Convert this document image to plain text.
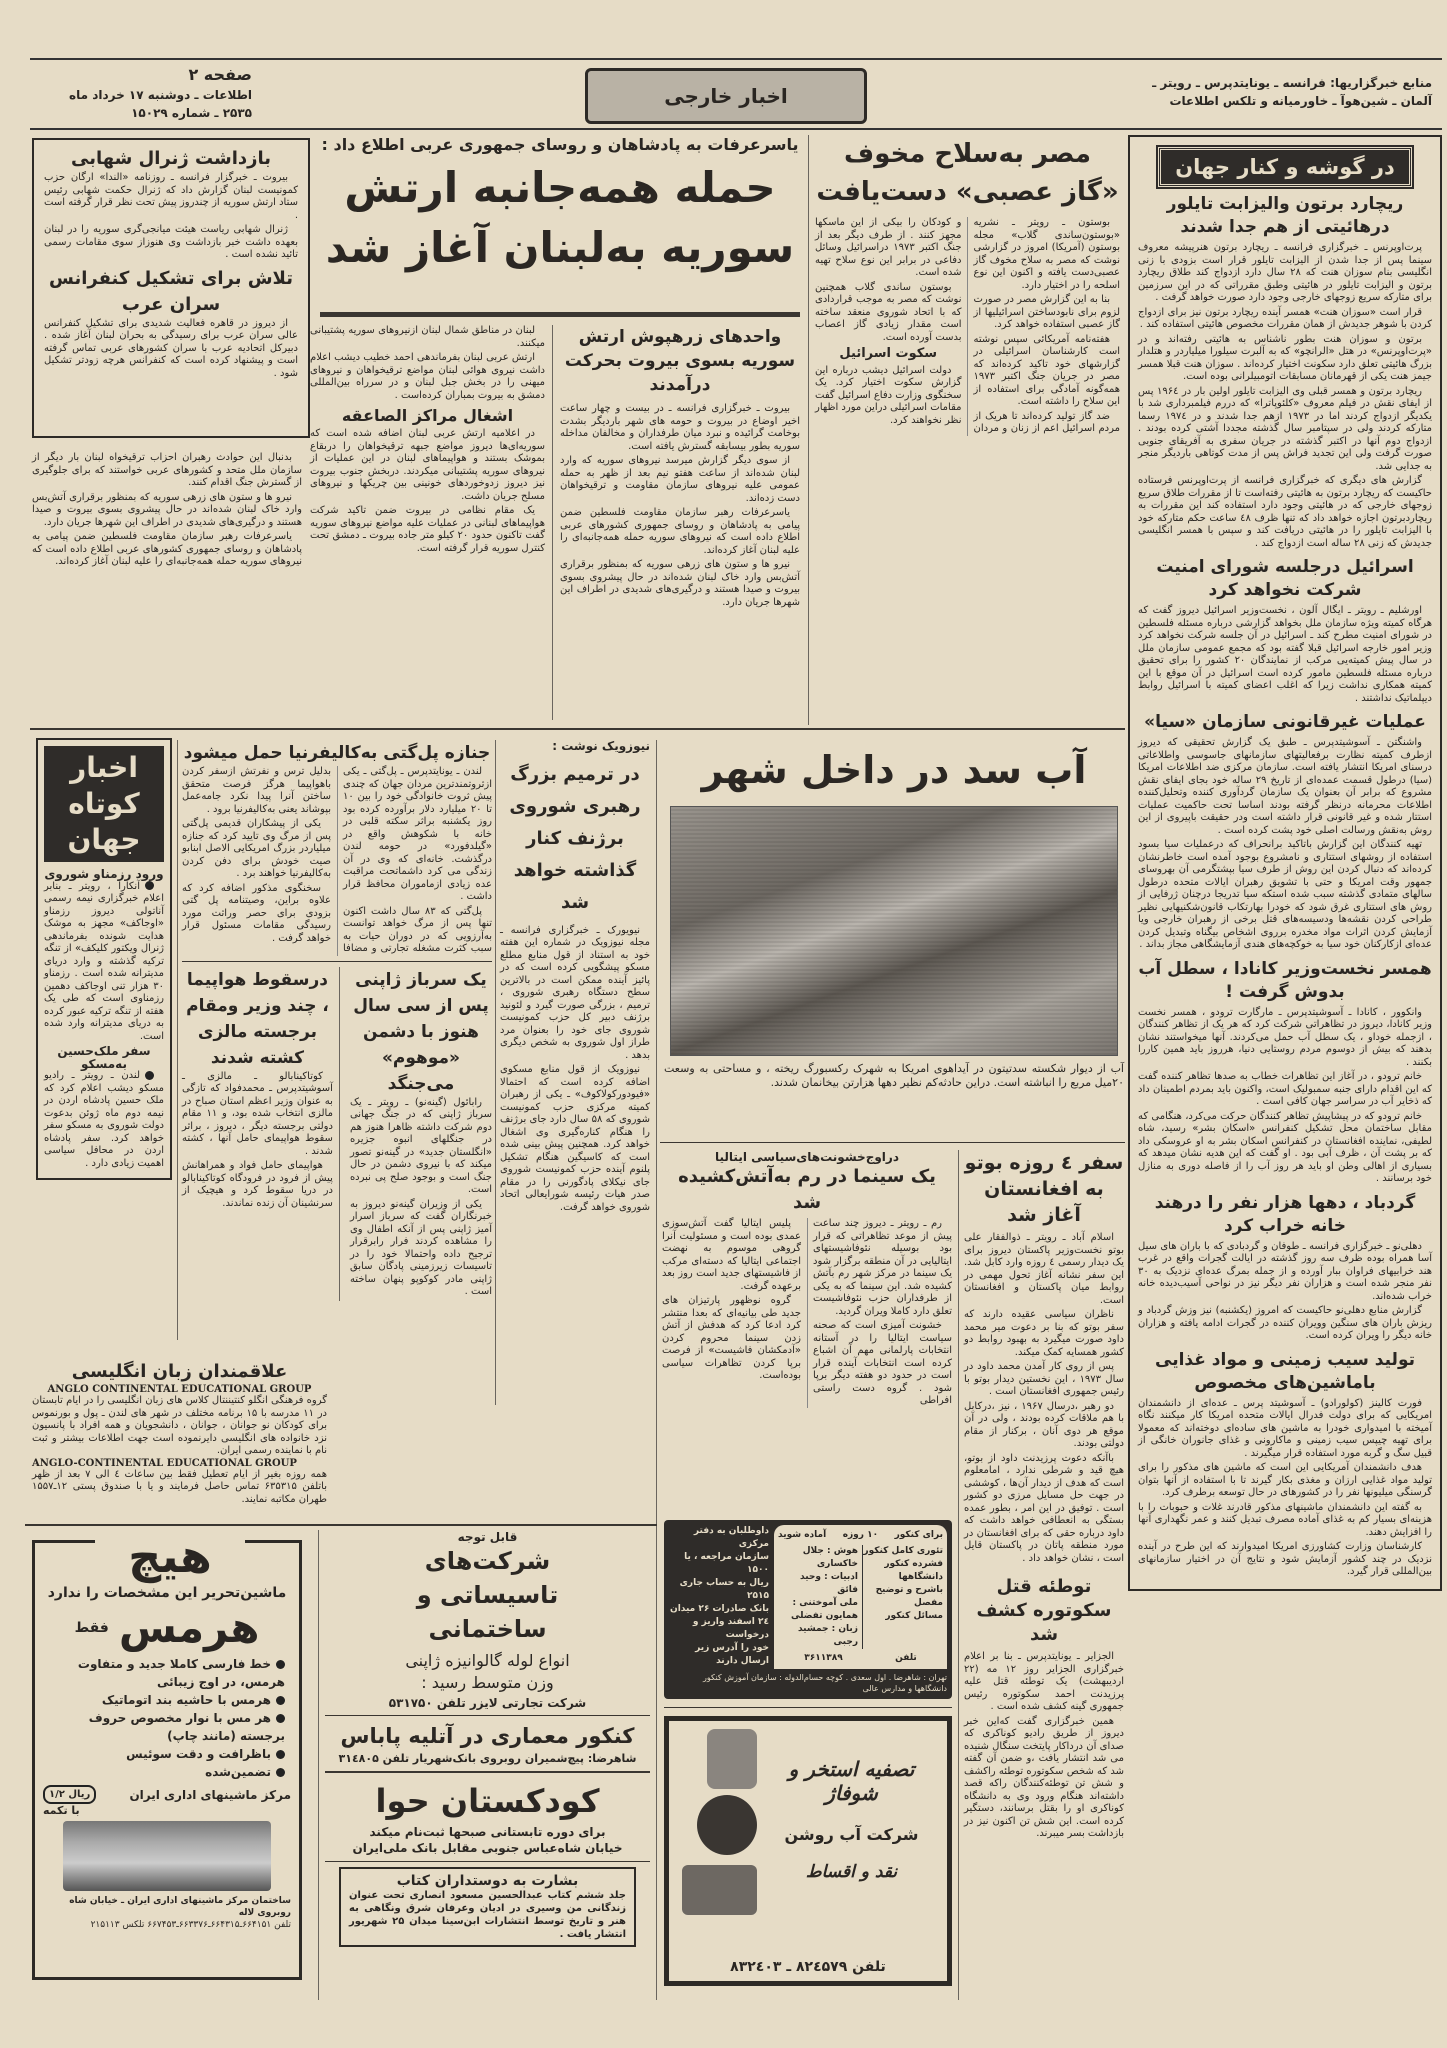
منابع خبرگزاریها: فرانسه ـ یونایتدپرس ـ رویتر ـ
آلمان ـ شین‌هوآ ـ خاورمیانه و تلکس اطلاعات
اخبار خارجی
صفحه ۲
اطلاعات ـ دوشنبه ۱۷ خرداد ماه
۲۵۳۵ ـ شماره ۱۵۰۲۹
بازداشت ژنرال شهابی

بیروت ـ خبرگزار فرانسه ـ روزنامه «الندا» ارگان حزب کمونیست لبنان گزارش داد که ژنرال حکمت شهابی رئیس ستاد ارتش سوریه از چندروز پیش تحت نظر قرار گرفته است .

ژنرال شهابی ریاست هیئت میانجی‌گری سوریه را در لبنان بعهده داشت خبر بازداشت وی هنوزاز سوی مقامات رسمی تائید نشده است .

تلاش برای تشکیل کنفرانس سران عرب

از دیروز در قاهره فعالیت شدیدی برای تشکیل کنفرانس عالی سران عرب برای رسیدگی به بحران لبنان آغاز شده . دبیرکل اتحادیه عرب با سران کشورهای عربی تماس گرفته است و پیشنهاد کرده است که کنفرانس هرچه زودتر تشکیل شود .

یاسرعرفات به پادشاهان و روسای جمهوری عربی اطلاع داد :
حمله همه‌جانبه ارتش
سوریه به‌لبنان آغاز شد
واحدهای زرهپوش ارتش سوریه بسوی بیروت بحرکت درآمدند

بیروت ـ خبرگزاری فرانسه ـ در بیست و چهار ساعت اخیر اوضاع در بیروت و حومه های شهر باردیگر بشدت بوخامت گرائیده و نبرد میان طرفداران و مخالفان مداخله سوریه بطور بیسابقه گسترش یافته است.

از سوی دیگر گزارش میرسد نیروهای سوریه که وارد لبنان شده‌اند از ساعت هفتو نیم بعد از ظهر به حمله عمومی علیه نیروهای سازمان مقاومت و ترقیخواهان دست زده‌اند.

یاسرعرفات رهبر سازمان مقاومت فلسطین ضمن پیامی به پادشاهان و روسای جمهوری کشورهای عربی اطلاع داده است که نیروهای سوریه حمله همه‌جانبه‌ای را علیه لبنان آغاز کرده‌اند.

نیرو ها و ستون های زرهی سوریه که بمنظور برقراری آتش‌بس وارد خاک لبنان شده‌اند در حال پیشروی بسوی بیروت و صیدا هستند و درگیری‌های شدیدی در اطراف این شهرها جریان دارد.

لبنان در مناطق شمال لبنان ازنیروهای سوریه پشتیبانی میکنند.

ارتش عربی لبنان بفرماندهی احمد خطیب دیشب اعلام داشت نیروی هوائی لبنان مواضع ترقیخواهان و نیروهای میهنی را در بخش جبل لبنان و در سرراه بین‌المللی دمشق به بیروت بمباران کرده‌است .

اشغال مراکز الصاعقه

در اعلامیه ارتش عربی لبنان اضافه شده است که سوریه‌ای‌ها دیروز مواضع جبهه ترقیخواهان را دربقاع بموشک بستند و هواپیماهای لبنان در این عملیات از نیروهای سوریه پشتیبانی میکردند. دربخش جنوب بیروت نیز دیروز زدوخوردهای خونینی بین چریکها و نیروهای مسلح جریان داشت.

یک مقام نظامی در بیروت ضمن تاکید شرکت هواپیماهای لبنانی در عملیات علیه مواضع نیروهای سوریه گفت تاکنون حدود ۲۰ کیلو متر جاده بیروت ـ دمشق تحت کنترل سوریه قرار گرفته است.

بدنبال این حوادث رهبران احزاب ترقیخواه لبنان بار دیگر از سازمان ملل متحد و کشورهای عربی خواستند که برای جلوگیری از گسترش جنگ اقدام کنند.

نیرو ها و ستون های زرهی سوریه که بمنظور برقراری آتش‌بس وارد خاک لبنان شده‌اند در حال پیشروی بسوی بیروت و صیدا هستند و درگیری‌های شدیدی در اطراف این شهرها جریان دارد.

یاسرعرفات رهبر سازمان مقاومت فلسطین ضمن پیامی به پادشاهان و روسای جمهوری کشورهای عربی اطلاع داده است که نیروهای سوریه حمله همه‌جانبه‌ای را علیه لبنان آغاز کرده‌اند.

مصر به‌سلاح مخوف
«گاز عصبی» دست‌یافت

بوستون ـ رویتر ـ نشریه «بوستون‌ساندی گلاب» مجله بوستون (آمریکا) امروز در گزارشی نوشت که مصر به سلاح مخوف گاز عصبی‌دست یافته و اکنون این نوع اسلحه را در اختیار دارد.

بنا به این گزارش مصر در صورت لزوم برای نابودساختن اسرائیلیها از گاز عصبی استفاده خواهد کرد.

هفته‌نامه آمریکائی سپس نوشته است کارشناسان اسرائیلی در گزارشهای خود تاکید کرده‌اند که مصر در جریان جنگ اکتبر ۱۹۷۳ همه‌گونه آمادگی برای استفاده از این سلاح را داشته است.

ضد گاز تولید کرده‌اند تا هریک از مردم اسرائیل اعم از زنان و مردان و کودکان را بیکی از این ماسکها مجهز کنند . از طرف دیگر بعد از جنگ اکتبر ۱۹۷۳ دراسرائیل وسائل دفاعی در برابر این نوع سلاح تهیه شده است.

بوستون ساندی گلاب همچنین نوشت که مصر به موجب قراردادی که با اتحاد شوروی منعقد ساخته است مقدار زیادی گاز اعصاب بدست آورده است.

سکوت اسرائیل

دولت اسرائیل دیشب درباره این گزارش سکوت اختیار کرد. یک سخنگوی وزارت دفاع اسرائیل گفت مقامات اسرائیلی دراین مورد اظهار نظر نخواهند کرد.

در گوشه و کنار جهان
ریچارد برتون والیزابت تایلور درهائیتی از هم جدا شدند

پرت‌اوپرنس ـ خبرگزاری فرانسه ـ ریچارد برتون هنرپیشه معروف سینما پس از جدا شدن از الیزابت تایلور قرار است بزودی با زنی انگلیسی بنام سوزان هنت که ۲۸ سال دارد ازدواج کند طلاق ریچارد برتون و الیزابت تایلور در هائیتی وطبق مقرراتی که در این سرزمین برای متارکه سریع زوجهای خارجی وجود دارد صورت خواهد گرفت .

قرار است «سوزان هنت» همسر آینده ریچارد برتون نیز برای ازدواج کردن با شوهر جدیدش از همان مقررات مخصوص هائیتی استفاده کند .

برتون و سوزان هنت بطور ناشناس به هائیتی رفته‌اند و در «پرت‌اوپرنس» در هتل «الرانچو» که به آلبرت سیلورا میلیاردر و هتلدار بزرگ هائیتی تعلق دارد سکونت اختیار کرده‌اند . سوزان هنت قبلا همسر جیمز هنت یکی از قهرمانان مسابقات اتومبیلرانی بوده است.

ریچارد برتون و همسر قبلی وی الیزابت تایلور اولین بار در ۱۹۶٤ پس از ایفای نقش در فیلم معروف «کلئوپاترا» که دررم فیلمبرداری شد با یکدیگر ازدواج کردند اما در ۱۹۷۳ ازهم جدا شدند و در ۱۹۷٤ رسما متارکه کردند ولی در سپتامبر سال گذشته مجددا آشتی کرده بودند . ازدواج دوم آنها در اکتبر گذشته در جریان سفری به آفریقای جنوبی صورت گرفت ولی این تجدید فراش پس از مدت کوتاهی باردیگر منجر به جدایی شد.

گزارش های دیگری که خبرگزاری فرانسه از پرت‌اوپرنس فرستاده حاکیست که ریچارد برتون به هائیتی رفته‌است تا از مقررات طلاق سریع زوجهای خارجی که در هائیتی وجود دارد استفاده کند این مقررات به ریچاردبرتون اجازه خواهد داد که تنها ظرف ٤٨ ساعت حکم متارکه خود با الیزابت تایلور را در هائیتی دریافت کند و سپس با همسر انگلیسی جدیدش که زنی ۲۸ ساله است ازدواج کند .

اسرائیل درجلسه شورای امنیت شرکت نخواهد کرد

اورشلیم ـ رویتر ـ ایگال آلون ، نخست‌وزیر اسرائیل دیروز گفت که هرگاه کمیته ویژه سازمان ملل بخواهد گزارشی درباره مسئله فلسطین در شورای امنیت مطرح کند ـ اسرائیل در آن جلسه شرکت نخواهد کرد وزیر امور خارجه اسرائیل قبلا گفته بود که مجمع عمومی سازمان ملل در سال پیش کمیته‌یی مرکب از نمایندگان ۲۰ کشور را برای تحقیق درباره مسئله فلسطین مامور کرده است اسرائیل در آن موقع با این کمیته همکاری نداشت زیرا که اغلب اعضای کمیته با اسرائیل روابط دیپلماتیک نداشتند .

عملیات غیرقانونی سازمان «سیا»

واشنگتن ـ آسوشیتدپرس ـ طبق یک گزارش تحقیقی که دیروز ازطرف کمیته نظارت برفعالیتهای سازمانهای جاسوسی واطلاعاتی درسنای امریکا انتشار یافته است. سازمان مرکزی ضد اطلاعات امریکا (سیا) درطول قسمت عمده‌ای از تاریخ ۲۹ ساله خود بجای ایفای نقش مشروع که برابر آن بعنوان یک سازمان گردآوری کننده وتحلیل‌کننده اطلاعات محرمانه درنظر گرفته بودند اساسا تحت حاکمیت عملیات استتار شده و غیر قانونی قرار داشته است ودر حقیقت باپیروی از این روش به‌نقش ورسالت اصلی خود پشت کرده است .

تهیه کنندگان این گزارش باتاکید برانحراف که درعملیات سیا بسود استفاده از روشهای استتاری و نامشروع بوجود آمده است خاطرنشان کرده‌اند که دنبال کردن این روش از طرف سیا بپشتگرمی آن بهروسای جمهور وقت امریکا و حتی با تشویق رهبران ایالات متحده درطول سالهای متمادی گذشته سبب شده استکه سیا تدریجا درچنان ژرفایی از روش های استتاری غرق شود که خودرا بهارتکاب قانون‌شکنیهایی نظیر طراحی کردن نقشه‌ها ودسیسه‌های قتل برخی از رهبران خارجی ویا آزمایش کردن اثرات مواد مخدره برروی اشخاص بیگناه وتبدیل کردن عده‌ای ازکارکنان خود سیا به خوکچه‌های هندی آزمایشگاهی مجاز بداند .

همسر نخست‌وزیر کانادا ، سطل آب بدوش گرفت !

وانکوور ، کانادا ـ آسوشیتدپرس ـ مارگارت ترودو ، همسر نخست وزیر کانادا، دیروز در تظاهراتی شرکت کرد که هر یک از تظاهر کنندگان ، ازجمله خوداو ، یک سطل آب حمل می‌کردند. آنها میخواستند نشان بدهند که بیش از دوسوم مردم روستایی دنیا، هرروز باید همین کاررا بکنند .

خانم ترودو ، در آغاز این تظاهرات خطاب به صدها تظاهر کننده گفت که این اقدام دارای جنبه سمبولیک است، واکنون باید بمردم اطمینان داد که ذخایر آب در سراسر جهان کافی است .

خانم ترودو که در پیشاپیش تظاهر کنندگان حرکت می‌کرد، هنگامی که مقابل ساختمان محل تشکیل کنفرانس «اسکان بشر» رسید، شاه لطیفی، نماینده افغانستان در کنفرانس اسکان بشر به او عروسکی داد که بر پشت آن ، ظرف آبی بود . او گفت که این هدیه نشان میدهد که بسیاری از اهالی وطن او باید هر روز آب را از فاصله دوری به منازل خود برسانند .

گردباد ، دهها هزار نفر را درهند خانه خراب کرد

دهلی‌نو ـ خبرگزاری فرانسه ـ طوفان و گردبادی که با باران های سیل آسا همراه بوده ظرف سه روز گذشته در ایالت گجرات واقع در غرب هند خرابیهای فراوان ببار آورده و از جمله بمرگ عده‌ای نزدیک به ۳۰ نفر منجر شده است و هزاران نفر دیگر نیز در نواحی آسیب‌دیده خانه خراب شده‌اند.

گزارش منابع دهلی‌نو حاکیست که امروز (یکشنبه) نیز وزش گردباد و ریزش باران های سنگین وویران کننده در گجرات ادامه یافته و هزاران خانه دیگر را ویران کرده است.

تولید سیب زمینی و مواد غذایی باماشین‌های مخصوص

فورت کالینز (کولورادو) ـ آسوشیتد پرس ـ عده‌ای از دانشمندان امریکایی که برای دولت فدرال ایالات متحده امریکا کار میکنند نگاه آمیخته با امیدواری خودرا به ماشین های ساده‌ای دوخته‌اند که معمولا برای تهیه چیپس سیب زمینی و ماکارونی و غذای جانوران خانگی از قبیل سگ و گربه مورد استفاده قرار میگیرند .

هدف دانشمندان آمریکایی این است که ماشین های مذکور را برای تولید مواد غذایی ارزان و مغذی بکار گیرند تا با استفاده از آنها بتوان گرسنگی میلیونها نفر را در کشورهای در حال توسعه برطرف کرد.

به گفته این دانشمندان ماشینهای مذکور قادرند غلات و حبوبات را با هزینه‌ای بسیار کم به غذای آماده مصرف تبدیل کنند و عمر نگهداری آنها را افزایش دهند.

کارشناسان وزارت کشاورزی امریکا امیدوارند که این طرح در آینده نزدیک در چند کشور آزمایش شود و نتایج آن در اختیار سازمانهای بین‌المللی قرار گیرد.

اخبار
کوتاه
جهان
ورود رزمناو شوروی

آنکارا ، رویتر ـ بنابر اعلام خبرگزاری نیمه رسمی آناتولی دیروز رزمناو «اوجاکف» مجهز به موشک هدایت شونده بفرماندهی ژنرال ویکتور کلیکف» از تنگه ترکیه گذشته و وارد دریای مدیترانه شده است . رزمناو ۳۰ هزار تنی اوجاکف دهمین رزمناوی است که طی یک هفته از تنگه ترکیه عبور کرده به دریای مدیترانه وارد شده است.

سفر ملک‌حسین به‌مسکو

لندن ـ رویتر ـ رادیو مسکو دیشب اعلام کرد که ملک حسین پادشاه اردن در نیمه دوم ماه ژوئن بدعوت دولت شوروی به مسکو سفر خواهد کرد. سفر پادشاه اردن در محافل سیاسی اهمیت زیادی دارد .

جنازه پل‌گتی به‌کالیفرنیا حمل میشود

لندن ـ یونایتدپرس ـ پل‌گتی ـ یکی ازثروتمندترین مردان جهان که چندی پیش ثروت خانوادگی خود را بین ۱۰ تا ۲۰ میلیارد دلار برآورده کرده بود روز یکشنبه براثر سکته قلبی در خانه با شکوهش واقع در «گیلدفورد» در حومه لندن درگذشت. خانه‌ای که وی در آن زندگی می کرد داشماتحت مراقبت عده زیادی ازماموران محافظ قرار داشت .

پل‌گتی که ۸۳ سال داشت اکنون تنها پس از مرگ خواهد توانست به‌آرزویی که در دوران حیات به سبب کثرت مشغله تجارتی و مضافا بدلیل ترس و نفرتش ازسفر کردن باهواپیما هرگز فرصت متحقق ساختن آنرا پیدا نکرد جامه‌عمل بپوشاند یعنی به‌کالیفرنیا برود .

یکی از پیشکاران قدیمی پل‌گتی پس از مرگ وی تایید کرد که جنازه میلیاردر بزرگ امریکایی الاصل ابنابو صیت خودش برای دفن کردن به‌کالیفرنیا خواهند برد .

سخنگوی مذکور اضافه کرد که علاوه براین، وصیتنامه پل گتی بزودی برای حصر وراثت مورد رسیدگی مقامات مسئول قرار خواهد گرفت .

یک سرباز ژاپنی پس از سی سال هنوز با دشمن «موهوم» می‌جنگد

رابائول (گینه‌نو) ـ رویتر ـ یک سرباز ژاپنی که در جنگ جهانی دوم شرکت داشته ظاهرا هنوز هم در جنگلهای انبوه جزیره «انگلستان جدید» در گینه‌نو تصور میکند که با نیروی دشمن در حال جنگ است و بوجود صلح پی نبرده است.

یکی از وزیران گینه‌نو دیروز به خبرنگاران گفت که سرباز اسرار آمیز ژاپنی پس از آنکه اطفال وی را مشاهده کردند فرار رابرقرار ترجیح داده واحتمالا خود را در تاسیسات زیرزمینی پادگان سابق ژاپنی مادر کوکوپو پنهان ساخته است .

درسقوط هواپیما ، چند وزیر ومقام برجسته مالزی کشته شدند

کوتاکینابالو ـ مالزی ـ آسوشیتدپرس ـ محمدفواد که تازگی به عنوان وزیر اعظم استان صباح در مالزی انتخاب شده بود، و ۱۱ مقام دولتی برجسته دیگر ، دیروز ، براثر سقوط هواپیمای حامل آنها ، کشته شدند .

هواپیمای حامل فواد و همراهانش پیش از فرود در فرودگاه کوتاکینابالو در دریا سقوط کرد و هیچیک از سرنشینان آن زنده نماندند.

نیوزویک نوشت :
در ترمیم بزرگ رهبری شوروی برژنف کنار گذاشته خواهد شد

نیویورک ـ خبرگزاری فرانسه ـ مجله نیوزویک در شماره این هفته خود به استناد از قول منابع مطلع مسکو پیشگویی کرده است که در پائیز آینده ممکن است در بالاترین سطح دستگاه رهبری شوروی ، ترمیم ، بزرگی صورت گیرد و لئونید برژنف دبیر کل حزب کمونیست شوروی جای خود را بعنوان مرد طراز اول شوروی به شخص دیگری بدهد .

نیوزویک از قول منابع مسکوی اضافه کرده است که احتمالا «فیودورکولاکوف» ـ یکی از رهبران کمیته مرکزی حزب کمونیست شوروی که ۵۸ سال دارد جای برژنف را هنگام کناره‌گیری وی اشغال خواهد کرد. همچنین پیش بینی شده است که کاسیگین هنگام تشکیل پلنوم آینده حزب کمونیست شوروی جای نیکلای پادگورنی را در مقام صدر هیات رئیسه شورایعالی اتحاد شوروی خواهد گرفت.

آب سد در داخل شهر
آب از دیوار شکسته سدتیتون در آیداهوی امریکا به شهرک رکسبورگ ریخته ، و مساحتی به وسعت ۲۰میل مربع را انباشته است. دراین حادثه‌کم نظیر دهها هزارتن بیخانمان شدند.
دراوج‌خشونت‌های‌سیاسی ایتالیا
یک سینما در رم به‌آتش‌کشیده شد

رم ـ رویتر ـ دیروز چند ساعت پیش از موعد تظاهراتی که قرار بود بوسیله نئوفاشیستهای ایتالیایی در آن منطقه برگزار شود یک سینما در مرکز شهر رم بآتش کشیده شد. این سینما که به یکی از طرفداران حزب نئوفاشیست تعلق دارد کاملا ویران گردید.

خشونت آمیزی است که صحنه سیاست ایتالیا را در آستانه انتخابات پارلمانی مهم آن اشباع کرده است انتخابات آینده قرار است در حدود دو هفته دیگر برپا شود . گروه دست راستی افراطی

پلیس ایتالیا گفت آتش‌سوزی عمدی بوده است و مسئولیت آنرا گروهی موسوم به نهضت اجتماعی ایتالیا که دسته‌ای مرکب از فاشیستهای جدید است روز بعد برعهده گرفت.

گروه نوظهور پارتیزان های جدید طی بیانیه‌ای که بعدا منتشر کرد ادعا کرد که هدفش از آتش زدن سینما محروم کردن «آدمکشان فاشیست» از فرصت برپا کردن تظاهرات سیاسی بوده‌است.

سفر ٤ روزه بوتو به افغانستان آغاز شد

اسلام آباد ـ رویتر ـ ذوالفقار علی بوتو نخست‌وزیر پاکستان دیروز برای یک دیدار رسمی ٤ روزه وارد کابل شد. این سفر نشانه آغاز تحول مهمی در روابط میان پاکستان و افغانستان است.

ناظران سیاسی عقیده دارند که سفر بوتو که بنا بر دعوت میر محمد داود صورت میگیرد به بهبود روابط دو کشور همسایه کمک میکند.

پس از روی کار آمدن محمد داود در سال ۱۹۷۳ ، این نخستین دیدار بوتو با رئیس جمهوری افغانستان است .

دو رهبر ،درسال ۱۹۶۷ ، نیز ،درکابل با هم ملاقات کرده بودند ، ولی در آن موقع هر دوی آنان ، برکنار از مقام دولتی بودند.

باآنکه دعوت پرزیدنت داود از بوتو، هیچ قید و شرطی ندارد ، امامعلوم است که هدف از دیدار آن‌ها ، کوششی در جهت حل مسایل مرزی دو کشور است . توفیق در این امر ، بطور عمده بستگی به انعطافی خواهد داشت که داود درباره حقی که برای افغانستان در مورد منطقه پاتان در پاکستان قایل است ، نشان خواهد داد .

توطئه قتل سکوتوره کشف شد

الجزایر ـ یونایتدپرس ـ بنا بر اعلام خبرگزاری الجزایر روز ۱۲ مه (۲۲ اردیبهشت) یک توطئه قتل علیه پرزیدنت احمد سکوتوره رئیس جمهوری گینه کشف شده است .

همین خبرگزاری گفت که‌این خبر دیروز از طریق رادیو کوناکری که صدای آن درداکار پایتخت سنگال شنیده می شد انتشار یافت ،و ضمن آن گفته شد که شخص سکوتوره توطئه راکشف و شش تن توطئه‌کنندگان راکه قصد داشته‌اند هنگام ورود وی به دانشگاه کوناکری او را بقتل برسانند، دستگیر کرده است. این شش تن اکنون نیز در بازداشت بسر میبرند.

علاقمندان زبان انگلیسی
ANGLO CONTINENTAL EDUCATIONAL GROUP
گروه فرهنگی انگلو کنتیننتال کلاس های زبان انگلیسی را در ایام تابستان در ۱۱ مدرسه با ۱۵ برنامه مختلف در شهر های لندن ـ پول و بورنموس برای کودکان نو جوانان ، جوانان ، دانشجویان و همه افراد با پانسیون نزد خانواده های انگلیسی دایرنموده است جهت اطلاعات بیشتر و ثبت نام با نماینده رسمی ایران.
ANGLO-CONTINENTAL EDUCATIONAL GROUP
همه روزه بغیر از ایام تعطیل فقط بین ساعات ٤ الی ۷ بعد از ظهر باتلفن ۶۳۵۳۱۵ تماس حاصل فرمایند و یا با صندوق پستی ۱۲ـ۱۵۵۷ طهران مکاتبه نمایند.
هیچ
ماشین‌تحریر این مشخصات را ندارد
هرمس
فقط
خط فارسی کاملا جدید و متفاوت هرمس، در اوج زیبائی
هرمس با حاشیه بند اتوماتیک
هر مس با نوار مخصوص حروف برجسته (مانند چاپ)
باظرافت و دقت سوئیس
تضمین‌شده
مرکز ماشینهای اداری ایران
ریال ۱/۲
با تکمه
ساختمان مرکز ماشینهای اداری ایران ـ خیابان شاه روبروی لاله
تلفن ۶۶۴۱۵۱ـ۶۶۴۳۱۵ـ۶۶۳۳۷۶ـ۶۶۷۴۵۳ تلکس ۲۱۵۱۱۳
قابل توجه
شرکت‌های تاسیساتی و ساختمانی
انواع لوله گالوانیزه ژاپنی
وزن متوسط رسید :
شرکت تجارتی لایزر تلفن ۵۳۱۷۵۰
کنکور معماری در آتلیه پاباس
شاهرضا: پیچ‌شمیران روبروی بانک‌شهریار تلفن ۳۱٤۸۰۵
کودکستان حوا
برای دوره تابستانی صبحها ثبت‌نام میکند
خیابان شاه‌عباس جنوبی مقابل بانک ملی‌ایران
بشارت به دوستداران کتاب
جلد ششم کتاب عبدالحسین مسعود انصاری تحت عنوان زندگانی من وسیری در ادیان وعرفان شرق ونگاهی به هنر و تاریخ توسط انتشارات ابن‌سینا میدان ۲۵ شهریور انتشار یافت .
برای کنکور
۱۰ روزه
آماده شوید
تئوری کامل کنکور
فشرده کنکور دانشگاهها
باشرح و توضیح مفصل
مسائل کنکور
هوش : جلال خاکساری
ادبیات : وحید فائق
ملی آموختنی : همایون تفضلی
زبان : جمشید رجبی
تلفن
۳۶۱۱۳۸۹
داوطلبان به دفتر مرکزی
سازمان مراجعه ، یا ۱۵۰۰
ریال به حساب جاری ۲۵۱۵
بانک صادرات ۲۶ میدان
۲٤ اسفند واریز و درخواست
خود را آدرس زیر ارسال دارند
تهران : شاهرضا . اول سعدی . کوچه حسام‌الدوله : سازمان آموزش کنکور دانشگاهها و مدارس عالی
تصفیه استخر و شوفاژ
شرکت آب روشن
نقد و اقساط
تلفن ۸۲٤۵۷۹ ـ ۸۳۲٤۰۳
